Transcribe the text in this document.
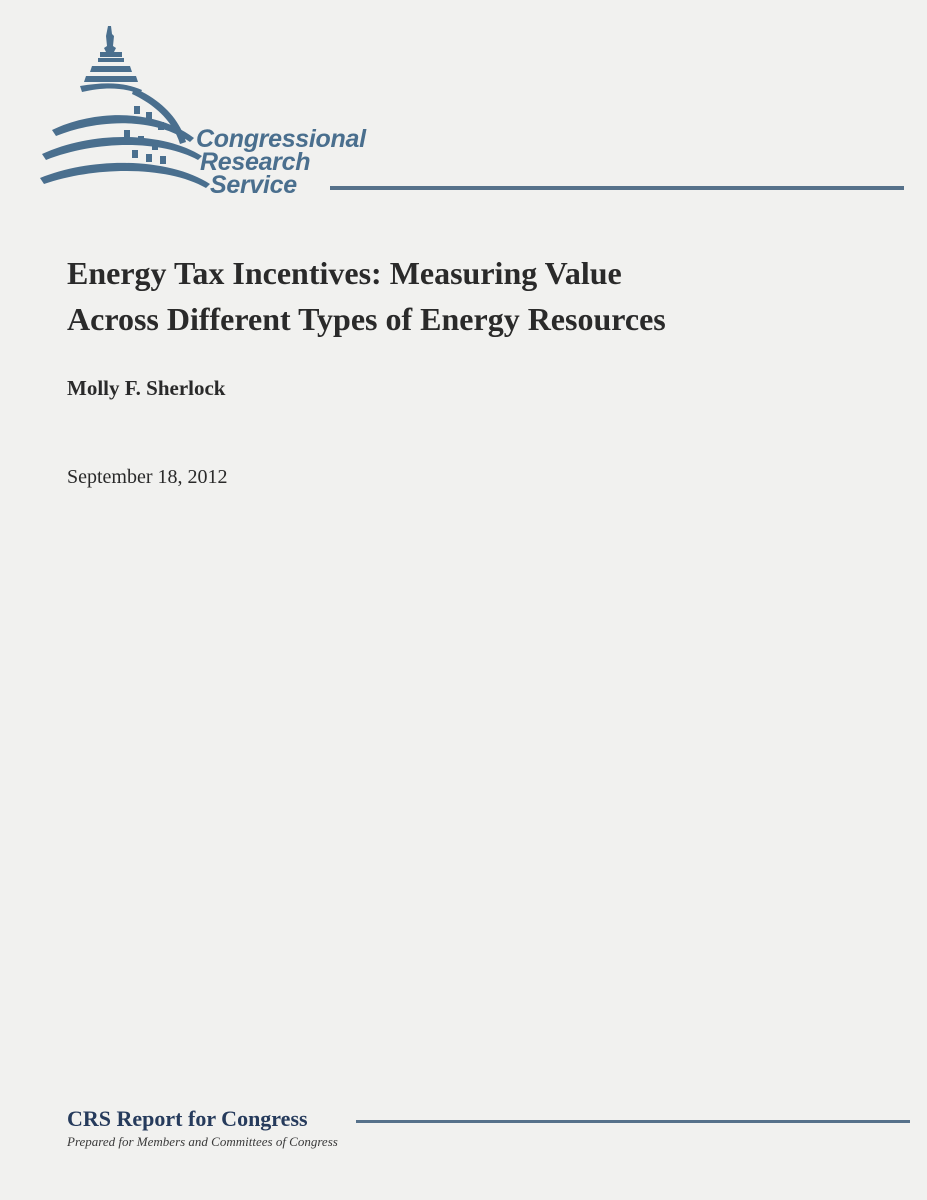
Congressional
Research
Service
Energy Tax Incentives: Measuring Value
Across Different Types of Energy Resources

Molly F. Sherlock

September 18, 2012

CRS Report for Congress

Prepared for Members and Committees of Congress
